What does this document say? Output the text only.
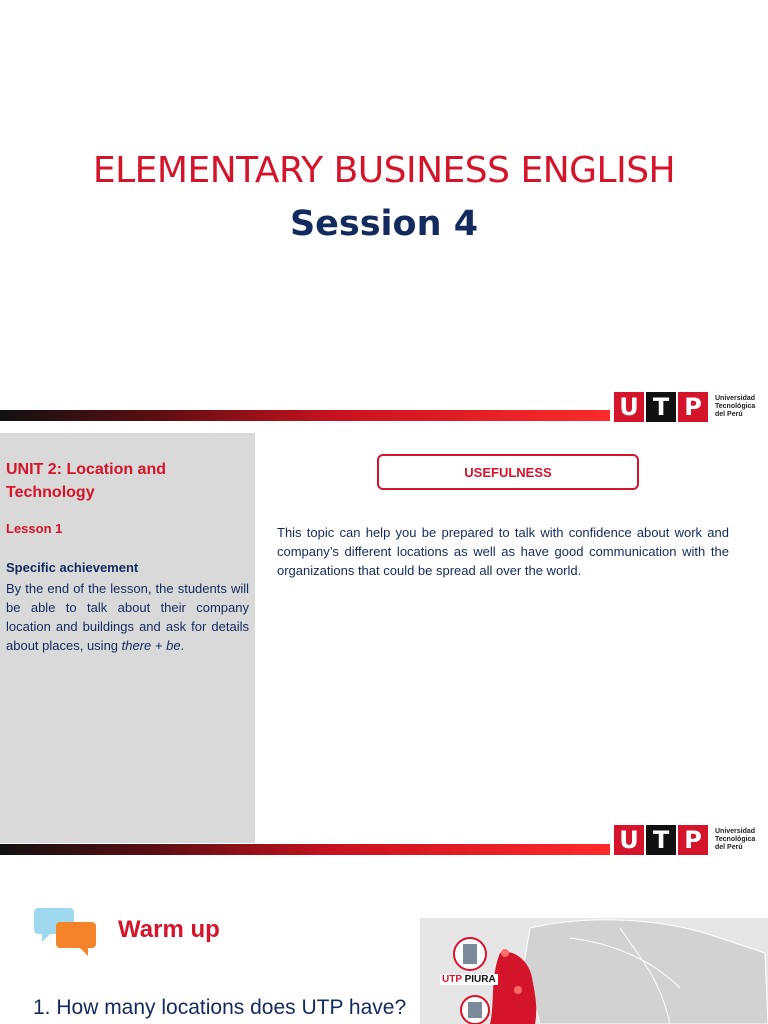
ELEMENTARY BUSINESS ENGLISH
Session 4
U T P	Universidad
Tecnológica
del Perú
UNIT 2: Location and Technology
Lesson 1
Specific achievement
By the end of the lesson, the students will be able to talk about their company location and buildings and ask for details about places, using there + be.
USEFULNESS
This topic can help you be prepared to talk with confidence about work and company’s different locations as well as have good communication with the organizations that could be spread all over the world.
U T P	Universidad
Tecnológica
del Perú
Warm up
1. How many locations does UTP have?
UTP PIURA
